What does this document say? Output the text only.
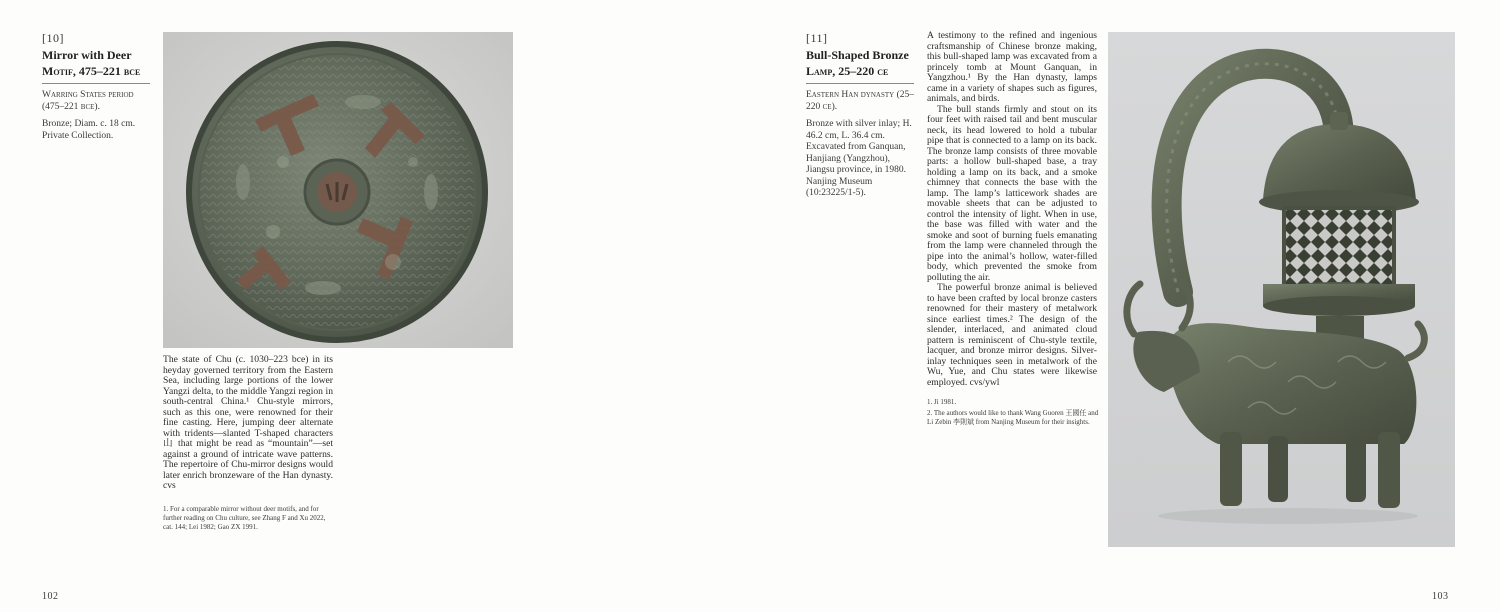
[10]
Mirror with Deer
Motif, 475–221 bce

Warring States period (475–221 bce).

Bronze; Diam. c. 18 cm. Private Collection.

The state of Chu (c. 1030–223 bce) in its heyday governed territory from the Eastern Sea, including large portions of the lower Yangzi delta, to the middle Yangzi region in south-central China.¹ Chu-style mirrors, such as this one, were renowned for their fine casting. Here, jumping deer alternate with tridents—slanted T-shaped characters 山 that might be read as “mountain”—set against a ground of intricate wave patterns. The repertoire of Chu-mirror designs would later enrich bronzeware of the Han dynasty. cvs

1. For a comparable mirror without deer motifs, and for further reading on Chu culture, see Zhang F and Xu 2022, cat. 144; Lei 1982; Gao ZX 1991.

102
[11]
Bull-Shaped Bronze
Lamp, 25–220 ce

Eastern Han dynasty (25–220 ce).

Bronze with silver inlay; H. 46.2 cm, L. 36.4 cm. Excavated from Ganquan, Hanjiang (Yangzhou), Jiangsu province, in 1980. Nanjing Museum (10:23225/1-5).

A testimony to the refined and ingenious craftsmanship of Chinese bronze making, this bull-shaped lamp was excavated from a princely tomb at Mount Ganquan, in Yangzhou.¹ By the Han dynasty, lamps came in a variety of shapes such as figures, animals, and birds.

The bull stands firmly and stout on its four feet with raised tail and bent muscular neck, its head lowered to hold a tubular pipe that is connected to a lamp on its back. The bronze lamp consists of three movable parts: a hollow bull-shaped base, a tray holding a lamp on its back, and a smoke chimney that connects the base with the lamp. The lamp’s latticework shades are movable sheets that can be adjusted to control the intensity of light. When in use, the base was filled with water and the smoke and soot of burning fuels emanating from the lamp were channeled through the pipe into the animal’s hollow, water-filled body, which prevented the smoke from polluting the air.

The powerful bronze animal is believed to have been crafted by local bronze casters renowned for their mastery of metalwork since earliest times.² The design of the slender, interlaced, and animated cloud pattern is reminiscent of Chu-style textile, lacquer, and bronze mirror designs. Silver-inlay techniques seen in metalwork of the Wu, Yue, and Chu states were likewise employed. cvs/ywl

1. Ji 1981.

2. The authors would like to thank Wang Guoren 王國任 and Li Zebin 李則斌 from Nanjing Museum for their insights.

103
